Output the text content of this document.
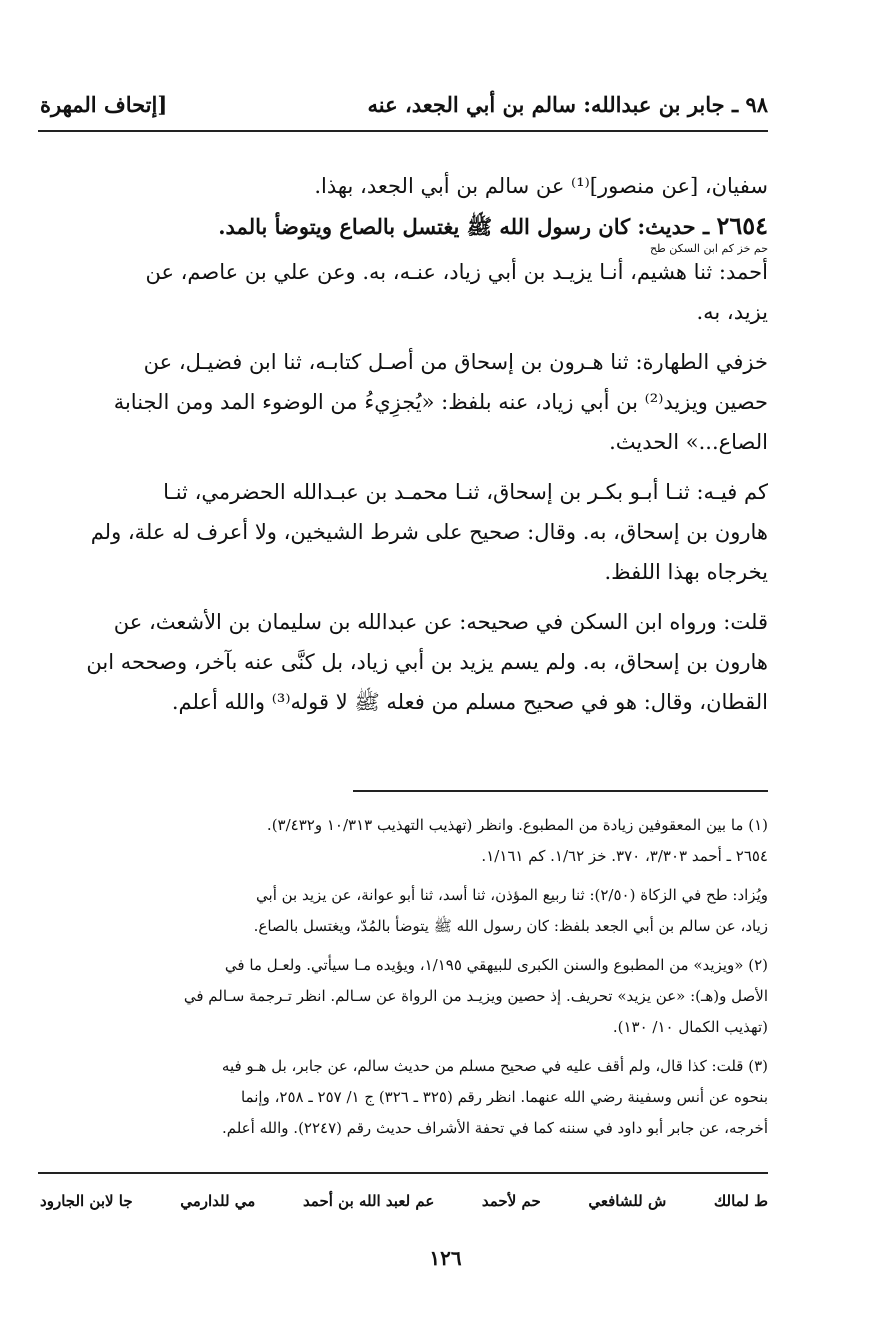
٩٨ ـ جابر بن عبدالله: سالم بن أبي الجعد، عنه
[إتحاف المهرة
سفيان، [عن منصور]⁽¹⁾ عن سالم بن أبي الجعد، بهذا.
٢٦٥٤ ـ حديث: كان رسول الله ﷺ يغتسل بالصاع ويتوضأ بالمد.
حم خز كم ابن السكن طح

أحمد: ثنا هشيم، أنـا يزيـد بن أبي زياد، عنـه، به. وعن علي بن عاصم، عن
يزيد، به.

خزفي الطهارة: ثنا هـرون بن إسحاق من أصـل كتابـه، ثنا ابن فضيـل، عن
حصين ويزيد⁽²⁾ بن أبي زياد، عنه بلفظ: «يُجزِيءُ من الوضوء المد ومن الجنابة
الصاع...» الحديث.

كم فيـه: ثنـا أبـو بكـر بن إسحاق، ثنـا محمـد بن عبـدالله الحضرمي، ثنـا
هارون بن إسحاق، به. وقال: صحيح على شرط الشيخين، ولا أعرف له علة، ولم
يخرجاه بهذا اللفظ.

قلت: ورواه ابن السكن في صحيحه: عن عبدالله بن سليمان بن الأشعث، عن
هارون بن إسحاق، به. ولم يسم يزيد بن أبي زياد، بل كنَّى عنه بآخر، وصححه ابن
القطان، وقال: هو في صحيح مسلم من فعله ﷺ لا قوله⁽³⁾ والله أعلم.

(١) ما بين المعقوفين زيادة من المطبوع. وانظر (تهذيب التهذيب ١٠/٣١٣ و٣/٤٣٢).
٢٦٥٤ ـ أحمد ٣/٣٠٣، ٣٧٠. خز ١/٦٢. كم ١/١٦١.
ويُزاد: طح في الزكاة (٢/٥٠): ثنا ربيع المؤذن، ثنا أسد، ثنا أبو عوانة، عن يزيد بن أبي
زياد، عن سالم بن أبي الجعد بلفظ: كان رسول الله ﷺ يتوضأ بالمُدّ، ويغتسل بالصاع.
(٢) «ويزيد» من المطبوع والسنن الكبرى للبيهقي ١/١٩٥، ويؤيده مـا سيأتي. ولعـل ما في
الأصل و(هـ): «عن يزيد» تحريف. إذ حصين ويزيـد من الرواة عن سـالم. انظر تـرجمة سـالم في
(تهذيب الكمال ١٠/ ١٣٠).
(٣) قلت: كذا قال، ولم أقف عليه في صحيح مسلم من حديث سالم، عن جابر، بل هـو فيه
بنحوه عن أنس وسفينة رضي الله عنهما. انظر رقم (٣٢٥ ـ ٣٢٦) ج ١/ ٢٥٧ ـ ٢٥٨، وإنما
أخرجه، عن جابر أبو داود في سننه كما في تحفة الأشراف حديث رقم (٢٢٤٧). والله أعلم.
ط لمالك
ش للشافعي
حم لأحمد
عم لعبد الله بن أحمد
مي للدارمي
جا لابن الجارود
١٢٦
